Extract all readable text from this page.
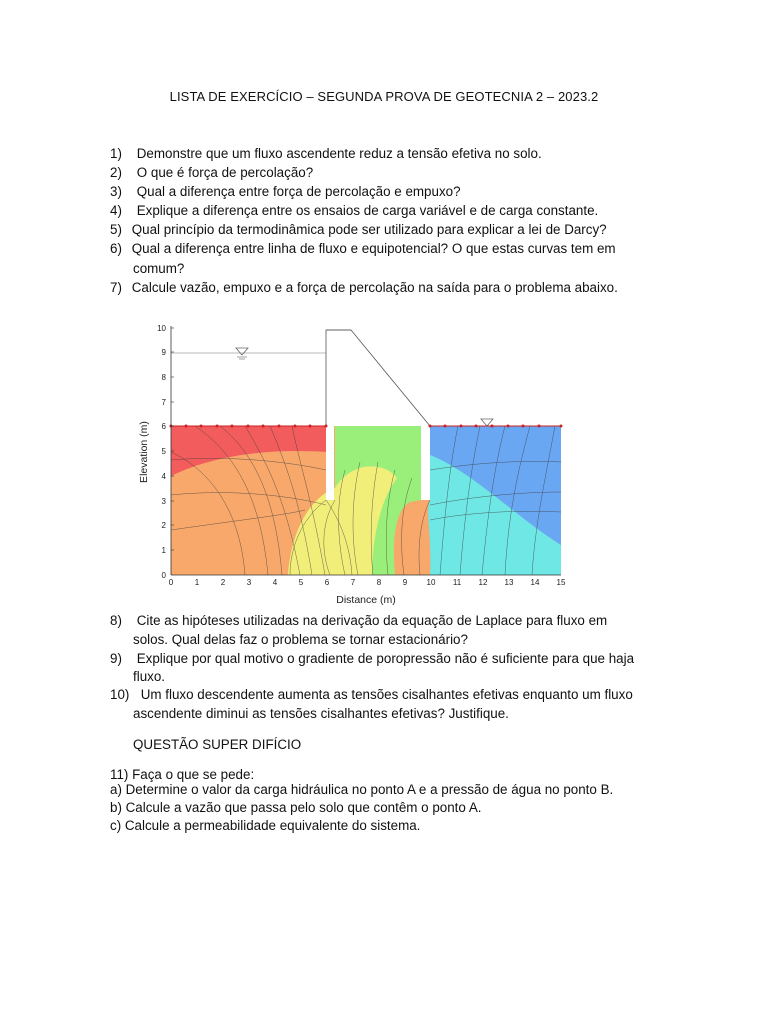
LISTA DE EXERCÍCIO – SEGUNDA PROVA DE GEOTECNIA 2 – 2023.2
1) Demonstre que um fluxo ascendente reduz a tensão efetiva no solo.
2) O que é força de percolação?
3) Qual a diferença entre força de percolação e empuxo?
4) Explique a diferença entre os ensaios de carga variável e de carga constante.
5) Qual princípio da termodinâmica pode ser utilizado para explicar a lei de Darcy?
6) Qual a diferença entre linha de fluxo e equipotencial? O que estas curvas tem em
comum?
7) Calcule vazão, empuxo e a força de percolação na saída para o problema abaixo.
0
1
2
3
4
5
6
7
8
9
10
0	1	2	3	4	5	6	7	8	9 10 11 12 13 14 15
Distance (m)
Elevation (m)
8) Cite as hipóteses utilizadas na derivação da equação de Laplace para fluxo em
solos. Qual delas faz o problema se tornar estacionário?
9) Explique por qual motivo o gradiente de poropressão não é suficiente para que haja
fluxo.
10) Um fluxo descendente aumenta as tensões cisalhantes efetivas enquanto um fluxo
ascendente diminui as tensões cisalhantes efetivas? Justifique.
QUESTÃO SUPER DIFÍCIO
11) Faça o que se pede:
a) Determine o valor da carga hidráulica no ponto A e a pressão de água no ponto B.
b) Calcule a vazão que passa pelo solo que contêm o ponto A.
c) Calcule a permeabilidade equivalente do sistema.
